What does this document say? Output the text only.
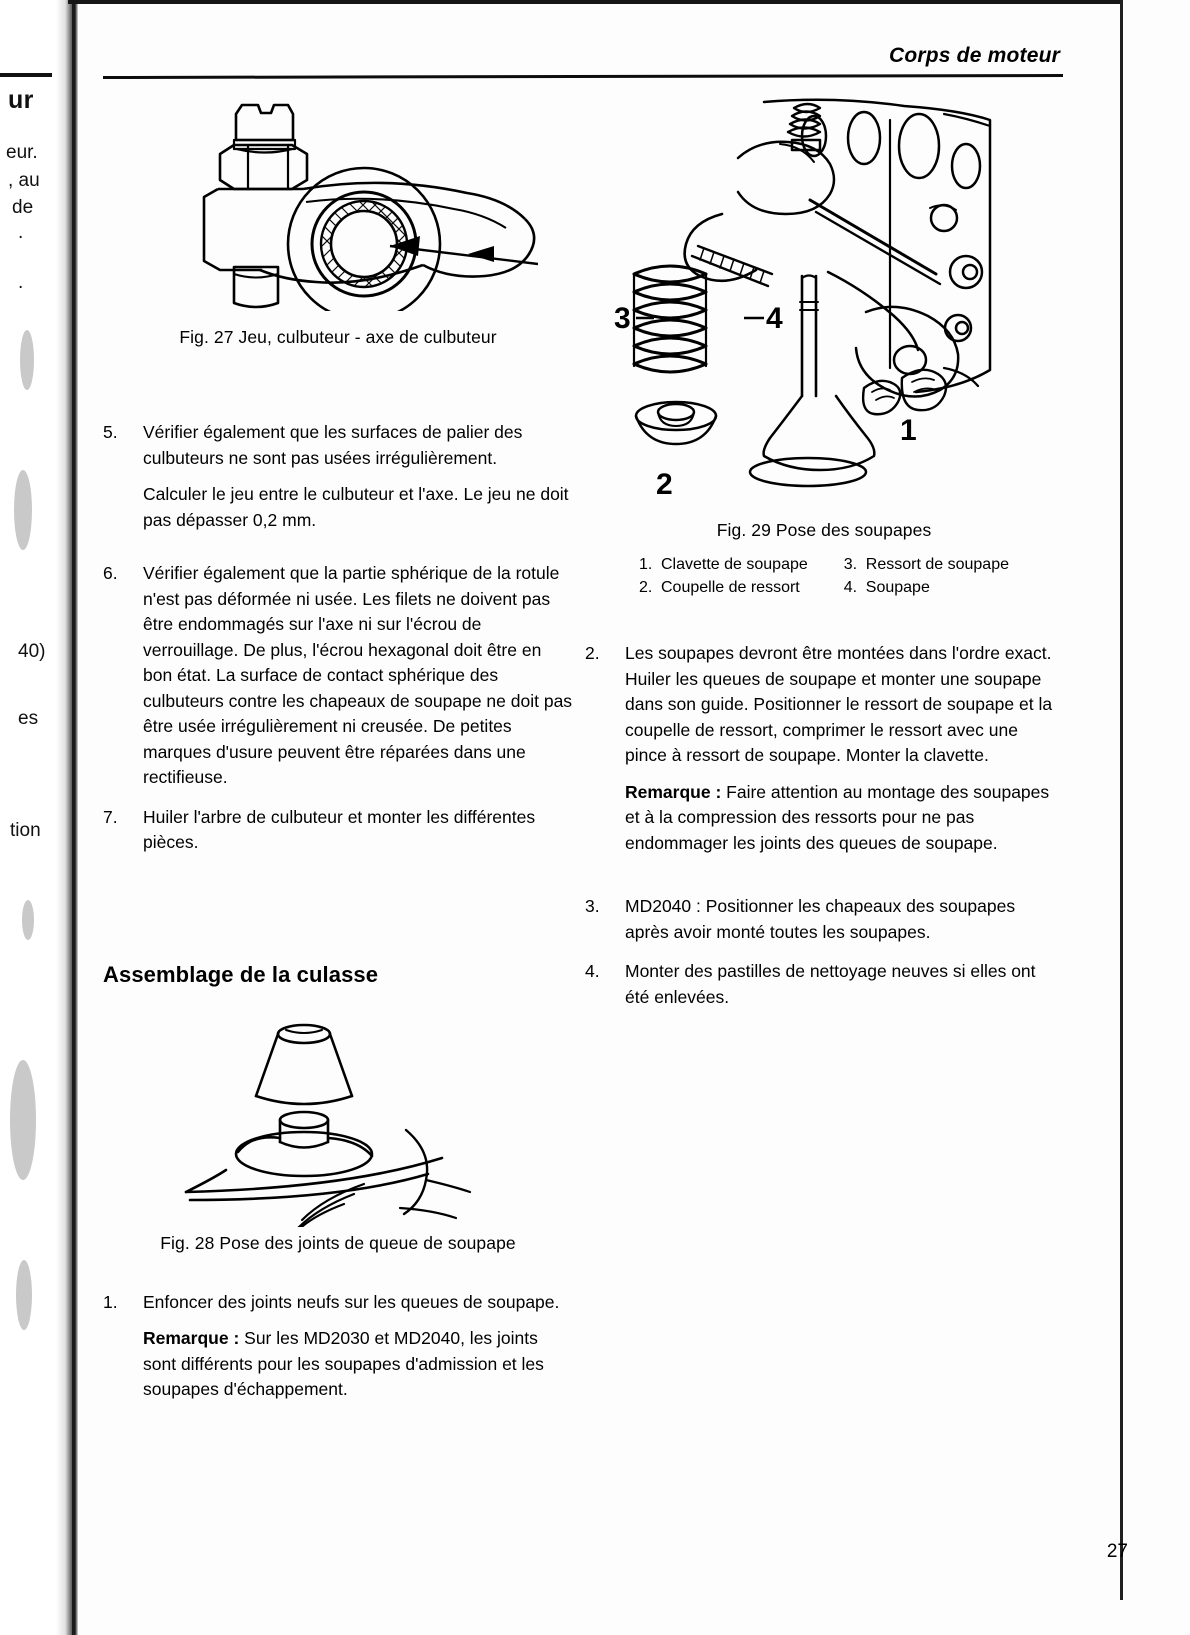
ur
eur.
, au
de
.
.
40)
еs
tion
Corps de moteur

Fig. 27 Jeu, culbuteur - axe de culbuteur

5.	Vérifier également que les surfaces de palier des culbuteurs ne sont pas usées irrégulièrement.

Calculer le jeu entre le culbuteur et l'axe. Le jeu ne doit pas dépasser 0,2 mm.

6.	Vérifier également que la partie sphérique de la rotule n'est pas déformée ni usée. Les filets ne doivent pas être endommagés sur l'axe ni sur l'écrou de verrouillage. De plus, l'écrou hexagonal doit être en bon état. La surface de contact sphérique des culbuteurs contre les chapeaux de soupape ne doit pas être usée irrégulièrement ni creusée. De petites marques d'usure peuvent être réparées dans une rectifieuse.

7.	Huiler l'arbre de culbuteur et monter les différentes pièces.

Assemblage de la culasse

Fig. 28 Pose des joints de queue de soupape

1.	Enfoncer des joints neufs sur les queues de soupape.

Remarque : Sur les MD2030 et MD2040, les joints sont différents pour les soupapes d'admission et les soupapes d'échappement.

3	4
1
2

Fig. 29 Pose des soupapes

1. Clavette de soupape
2. Coupelle de ressort
3. Ressort de soupape
4. Soupape
2.	Les soupapes devront être montées dans l'ordre exact. Huiler les queues de soupape et monter une soupape dans son guide. Positionner le ressort de soupape et la coupelle de ressort, comprimer le ressort avec une pince à ressort de soupape. Monter la clavette.

Remarque : Faire attention au montage des soupapes et à la compression des ressorts pour ne pas endommager les joints des queues de soupape.

3.	MD2040 : Positionner les chapeaux des soupapes après avoir monté toutes les soupapes.

4.	Monter des pastilles de nettoyage neuves si elles ont été enlevées.

27
